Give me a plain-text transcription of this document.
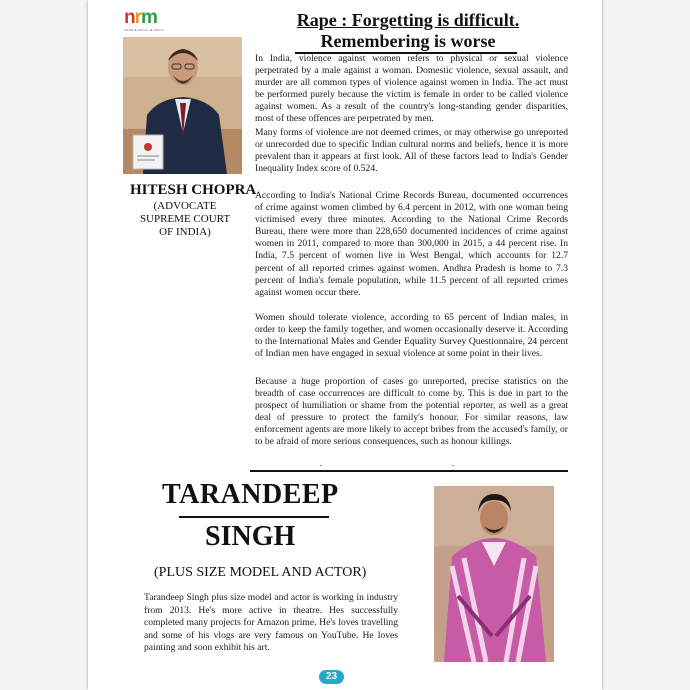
nrm
NEWS ■ RETAIL ■ MEDIA	Rape : Forgetting is difficult.
Remembering is worse
HITESH CHOPRA
(ADVOCATE SUPREME COURT OF INDIA)

In India, violence against women refers to physical or sexual violence perpetrated by a male against a woman. Domestic violence, sexual assault, and murder are all common types of violence against women in India. The act must be performed purely because the victim is female in order to be called violence against women. As a result of the country's long-standing gender disparities, most of these offences are perpetrated by men.

Many forms of violence are not deemed crimes, or may otherwise go unreported or unrecorded due to specific Indian cultural norms and beliefs, hence it is more prevalent than it appears at first look. All of these factors lead to India's Gender Inequality Index score of 0.524.

According to India's National Crime Records Bureau, documented occurrences of crime against women climbed by 6.4 percent in 2012, with one woman being victimised every three minutes. According to the National Crime Records Bureau, there were more than 228,650 documented incidences of crime against women in 2011, compared to more than 300,000 in 2015, a 44 percent rise. In India, 7.5 percent of women live in West Bengal, which accounts for 12.7 percent of all reported crimes against women. Andhra Pradesh is home to 7.3 percent of India's female population, while 11.5 percent of all reported crimes against women occur there.

Women should tolerate violence, according to 65 percent of Indian males, in order to keep the family together, and women occasionally deserve it. According to the International Males and Gender Equality Survey Questionnaire, 24 percent of Indian men have engaged in sexual violence at some point in their lives.

Because a huge proportion of cases go unreported, precise statistics on the breadth of case occurrences are difficult to come by. This is due in part to the prospect of humiliation or shame from the potential reporter, as well as a great deal of pressure to protect the family's honour. For similar reasons, law enforcement agents are more likely to accept bribes from the accused's family, or to be afraid of more serious consequences, such as honour killings.

TARANDEEP
SINGH
(PLUS SIZE MODEL AND ACTOR)
Tarandeep Singh plus size model and actor is working in industry from 2013. He's more active in theatre. Hes successfully completed many projects for Amazon prime. He's loves travelling and some of his vlogs are very famous on YouTube. He loves painting and soon exhibit his art.
23
